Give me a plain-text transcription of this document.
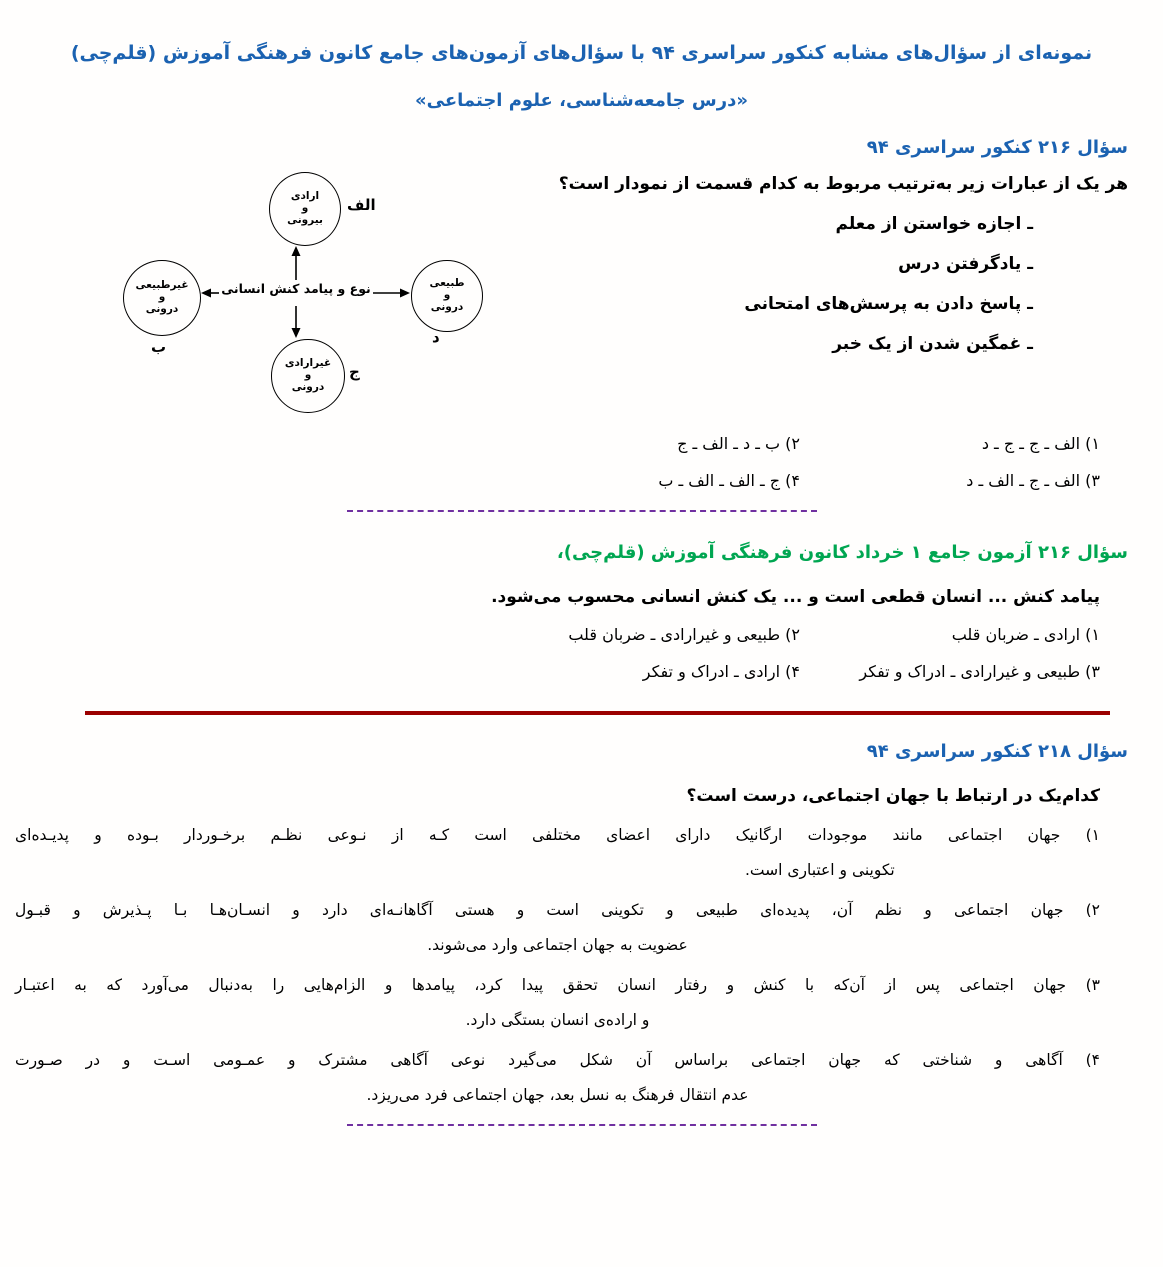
نمونه‌ای از سؤال‌های مشابه کنکور سراسری ۹۴ با سؤال‌های آزمون‌های جامع کانون فرهنگی آموزش (قلم‌چی)
«درس جامعه‌شناسی، علوم اجتماعی»
سؤال ۲۱۶ کنکور سراسری ۹۴
هر یک از عبارات زیر به‌ترتیب مربوط به کدام قسمت از نمودار است؟
ـ اجازه خواستن از معلم
ـ یادگرفتن درس
ـ پاسخ دادن به پرسش‌های امتحانی
ـ غمگین شدن از یک خبر
ارادی
و
بیرونی
غیرطبیعی
و
درونی
طبیعی
و
درونی
غیرارادی
و
درونی
نوع و پیامد کنش انسانی
الف
ب
د
ج
۱) الف ـ ج ـ ج ـ د
۲) ب ـ د ـ الف ـ ج
۳) الف ـ ج ـ الف ـ د
۴) ج ـ الف ـ الف ـ ب
سؤال ۲۱۶ آزمون جامع ۱ خرداد کانون فرهنگی آموزش (قلم‌چی)،
پیامد کنش ... انسان قطعی است و ... یک کنش انسانی محسوب می‌شود.
۱) ارادی ـ ضربان قلب
۲) طبیعی و غیرارادی ـ ضربان قلب
۳) طبیعی و غیرارادی ـ ادراک و تفکر
۴) ارادی ـ ادراک و تفکر
سؤال ۲۱۸ کنکور سراسری ۹۴
کدام‌یک در ارتباط با جهان اجتماعی، درست است؟
۱) جهان اجتماعی مانند موجودات ارگانیک دارای اعضای مختلفی است کـه از نـوعی نظـم برخـوردار بـوده و پدیـده‌ای
تکوینی و اعتباری است.
۲) جهان اجتماعی و نظم آن، پدیده‌ای طبیعی و تکوینی است و هستی آگاهانـه‌ای دارد و انسـان‌هـا بـا پـذیرش و قبـول
عضویت به جهان اجتماعی وارد می‌شوند.
۳) جهان اجتماعی پس از آن‌که با کنش و رفتار انسان تحقق پیدا کرد، پیامدها و الزام‌هایی را به‌دنبال می‌آورد که به اعتبـار
و اراده‌ی انسان بستگی دارد.
۴) آگاهی و شناختی که جهان اجتماعی براساس آن شکل می‌گیرد نوعی آگاهی مشترک و عمـومی اسـت و در صـورت
عدم انتقال فرهنگ به نسل بعد، جهان اجتماعی فرد می‌ریزد.
